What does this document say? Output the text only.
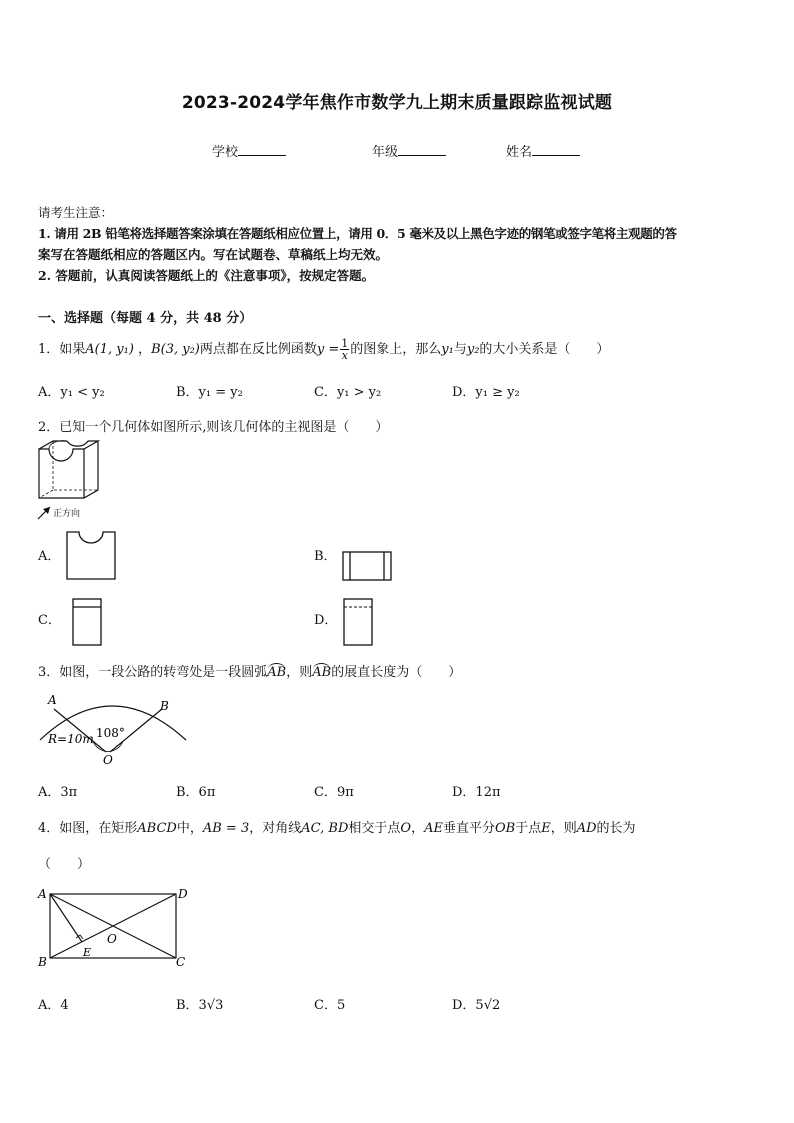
2023-2024学年焦作市数学九上期末质量跟踪监视试题
学校	年级	姓名
请考生注意：
1. 请用 2B 铅笔将选择题答案涂填在答题纸相应位置上，请用 0．5 毫米及以上黑色字迹的钢笔或签字笔将主观题的答
案写在答题纸相应的答题区内。写在试题卷、草稿纸上均无效。
2. 答题前，认真阅读答题纸上的《注意事项》，按规定答题。
一、选择题（每题 4 分，共 48 分）
1．如果A(1, y₁) ，B(3, y₂)两点都在反比例函数$y = \frac{1}{x}$ 的图象上，那么y₁与y₂的大小关系是（　　）
A．y₁ < y₂	B．y₁ = y₂	C．y₁ > y₂	D．y₁ ≥ y₂
2．已知一个几何体如图所示,则该几何体的主视图是（　　）
正方向
A．	B．
C．	D．
3．如图，一段公路的转弯处是一段圆弧
AB，则
AB的展直长度为（　　）
A	B
108°
R=10m
O
A．3π	B．6π	C．9π	D．12π
4．如图，在矩形ABCD中，AB = 3，对角线AC, BD相交于点O，AE垂直平分OB于点E，则AD的长为
（　　）
A	D
B	C
E
O
A．4	B．3√3	C．5	D．5√2
